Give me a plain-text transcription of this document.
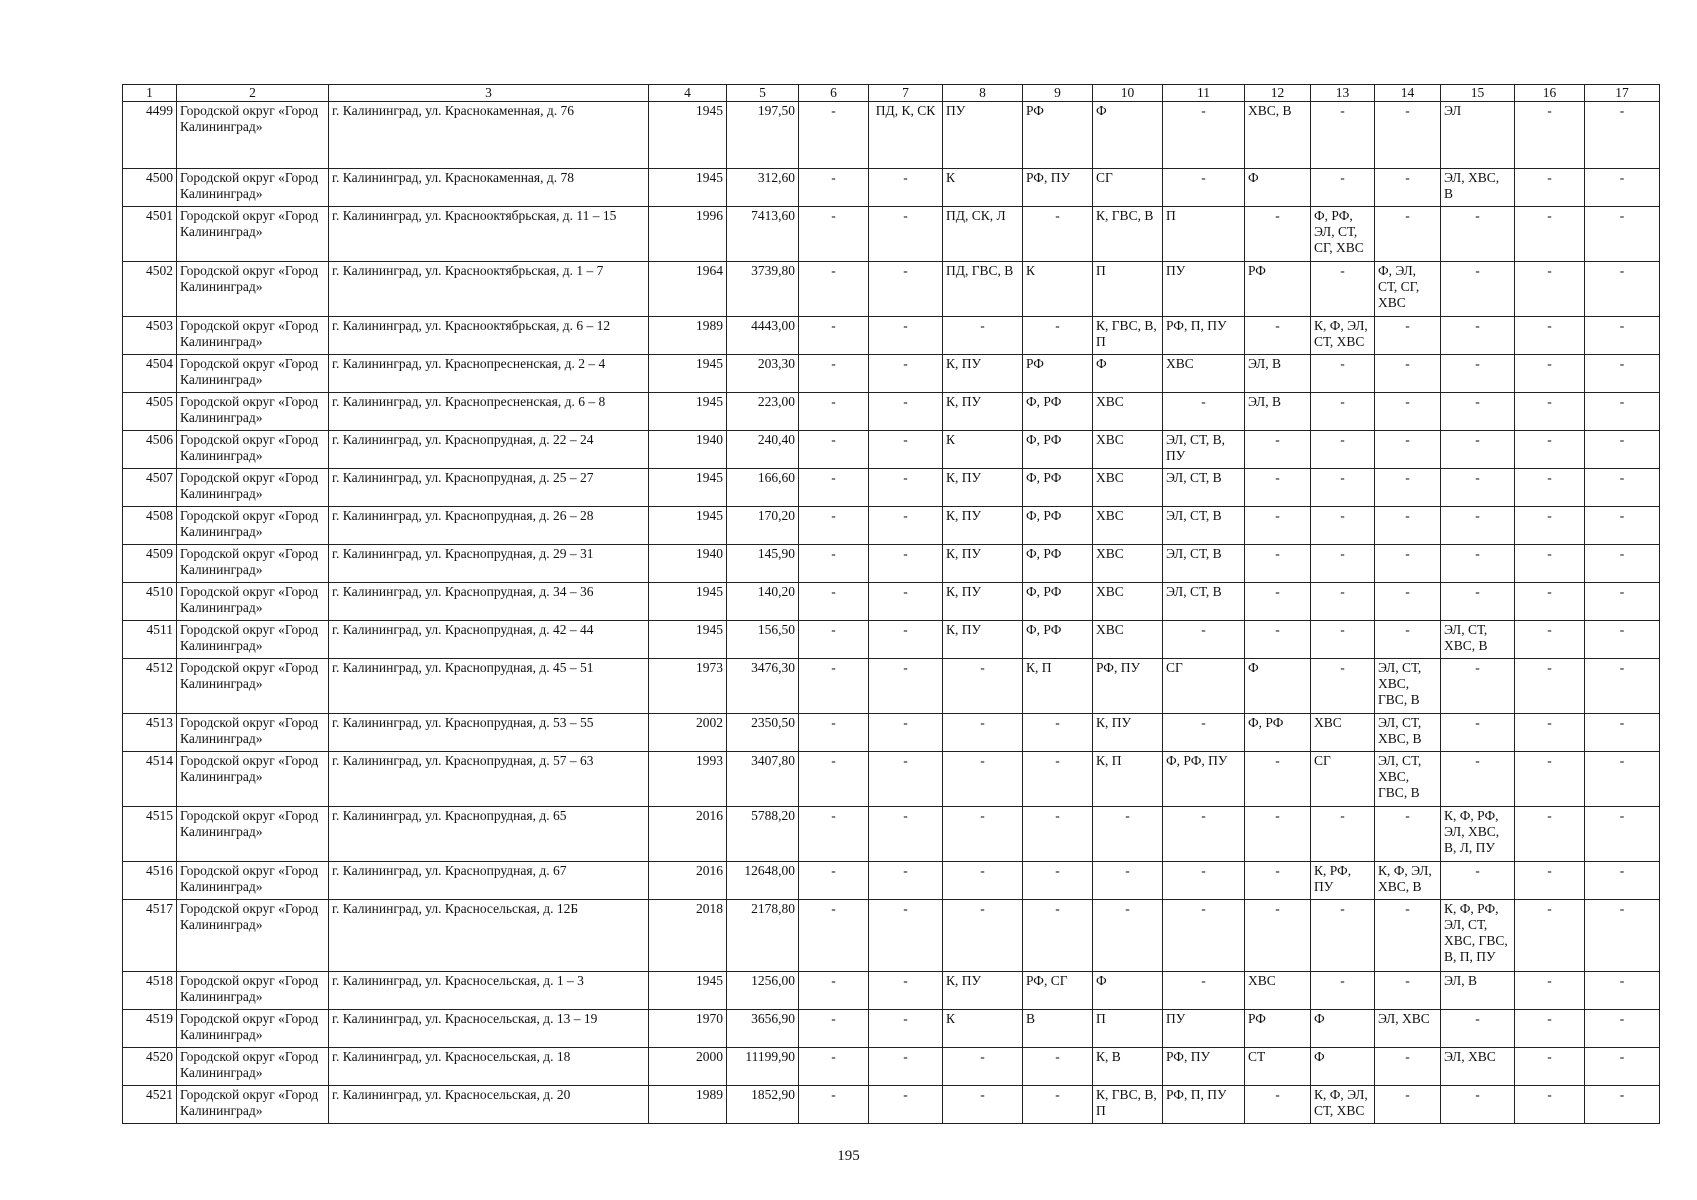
1	2	3	4	5	6	7	8	9	10	11	12	13	14	15	16	17
4499	Городской округ «Город Калининград»	г. Калининград, ул. Краснокаменная, д. 76	1945	197,50	-	ПД, К, СК	ПУ	РФ	Ф	-	ХВС, В	-	-	ЭЛ	-	-
4500	Городской округ «Город Калининград»	г. Калининград, ул. Краснокаменная, д. 78	1945	312,60	-	-	К	РФ, ПУ	СГ	-	Ф	-	-	ЭЛ, ХВС, В	-	-
4501	Городской округ «Город Калининград»	г. Калининград, ул. Краснооктябрьская, д. 11 – 15	1996	7413,60	-	-	ПД, СК, Л	-	К, ГВС, В	П	-	Ф, РФ, ЭЛ, СТ, СГ, ХВС	-	-	-	-
4502	Городской округ «Город Калининград»	г. Калининград, ул. Краснооктябрьская, д. 1 – 7	1964	3739,80	-	-	ПД, ГВС, В	К	П	ПУ	РФ	-	Ф, ЭЛ, СТ, СГ, ХВС	-	-	-
4503	Городской округ «Город Калининград»	г. Калининград, ул. Краснооктябрьская, д. 6 – 12	1989	4443,00	-	-	-	-	К, ГВС, В, П	РФ, П, ПУ	-	К, Ф, ЭЛ, СТ, ХВС	-	-	-	-
4504	Городской округ «Город Калининград»	г. Калининград, ул. Краснопресненская, д. 2 – 4	1945	203,30	-	-	К, ПУ	РФ	Ф	ХВС	ЭЛ, В	-	-	-	-	-
4505	Городской округ «Город Калининград»	г. Калининград, ул. Краснопресненская, д. 6 – 8	1945	223,00	-	-	К, ПУ	Ф, РФ	ХВС	-	ЭЛ, В	-	-	-	-	-
4506	Городской округ «Город Калининград»	г. Калининград, ул. Краснопрудная, д. 22 – 24	1940	240,40	-	-	К	Ф, РФ	ХВС	ЭЛ, СТ, В, ПУ	-	-	-	-	-	-
4507	Городской округ «Город Калининград»	г. Калининград, ул. Краснопрудная, д. 25 – 27	1945	166,60	-	-	К, ПУ	Ф, РФ	ХВС	ЭЛ, СТ, В	-	-	-	-	-	-
4508	Городской округ «Город Калининград»	г. Калининград, ул. Краснопрудная, д. 26 – 28	1945	170,20	-	-	К, ПУ	Ф, РФ	ХВС	ЭЛ, СТ, В	-	-	-	-	-	-
4509	Городской округ «Город Калининград»	г. Калининград, ул. Краснопрудная, д. 29 – 31	1940	145,90	-	-	К, ПУ	Ф, РФ	ХВС	ЭЛ, СТ, В	-	-	-	-	-	-
4510	Городской округ «Город Калининград»	г. Калининград, ул. Краснопрудная, д. 34 – 36	1945	140,20	-	-	К, ПУ	Ф, РФ	ХВС	ЭЛ, СТ, В	-	-	-	-	-	-
4511	Городской округ «Город Калининград»	г. Калининград, ул. Краснопрудная, д. 42 – 44	1945	156,50	-	-	К, ПУ	Ф, РФ	ХВС	-	-	-	-	ЭЛ, СТ, ХВС, В	-	-
4512	Городской округ «Город Калининград»	г. Калининград, ул. Краснопрудная, д. 45 – 51	1973	3476,30	-	-	-	К, П	РФ, ПУ	СГ	Ф	-	ЭЛ, СТ, ХВС, ГВС, В	-	-	-
4513	Городской округ «Город Калининград»	г. Калининград, ул. Краснопрудная, д. 53 – 55	2002	2350,50	-	-	-	-	К, ПУ	-	Ф, РФ	ХВС	ЭЛ, СТ, ХВС, В	-	-	-
4514	Городской округ «Город Калининград»	г. Калининград, ул. Краснопрудная, д. 57 – 63	1993	3407,80	-	-	-	-	К, П	Ф, РФ, ПУ	-	СГ	ЭЛ, СТ, ХВС, ГВС, В	-	-	-
4515	Городской округ «Город Калининград»	г. Калининград, ул. Краснопрудная, д. 65	2016	5788,20	-	-	-	-	-	-	-	-	-	К, Ф, РФ, ЭЛ, ХВС, В, Л, ПУ	-	-
4516	Городской округ «Город Калининград»	г. Калининград, ул. Краснопрудная, д. 67	2016	12648,00	-	-	-	-	-	-	-	К, РФ, ПУ	К, Ф, ЭЛ, ХВС, В	-	-	-
4517	Городской округ «Город Калининград»	г. Калининград, ул. Красносельская, д. 12Б	2018	2178,80	-	-	-	-	-	-	-	-	-	К, Ф, РФ, ЭЛ, СТ, ХВС, ГВС, В, П, ПУ	-	-
4518	Городской округ «Город Калининград»	г. Калининград, ул. Красносельская, д. 1 – 3	1945	1256,00	-	-	К, ПУ	РФ, СГ	Ф	-	ХВС	-	-	ЭЛ, В	-	-
4519	Городской округ «Город Калининград»	г. Калининград, ул. Красносельская, д. 13 – 19	1970	3656,90	-	-	К	В	П	ПУ	РФ	Ф	ЭЛ, ХВС	-	-	-
4520	Городской округ «Город Калининград»	г. Калининград, ул. Красносельская, д. 18	2000	11199,90	-	-	-	-	К, В	РФ, ПУ	СТ	Ф	-	ЭЛ, ХВС	-	-
4521	Городской округ «Город Калининград»	г. Калининград, ул. Красносельская, д. 20	1989	1852,90	-	-	-	-	К, ГВС, В, П	РФ, П, ПУ	-	К, Ф, ЭЛ, СТ, ХВС	-	-	-	-
195
